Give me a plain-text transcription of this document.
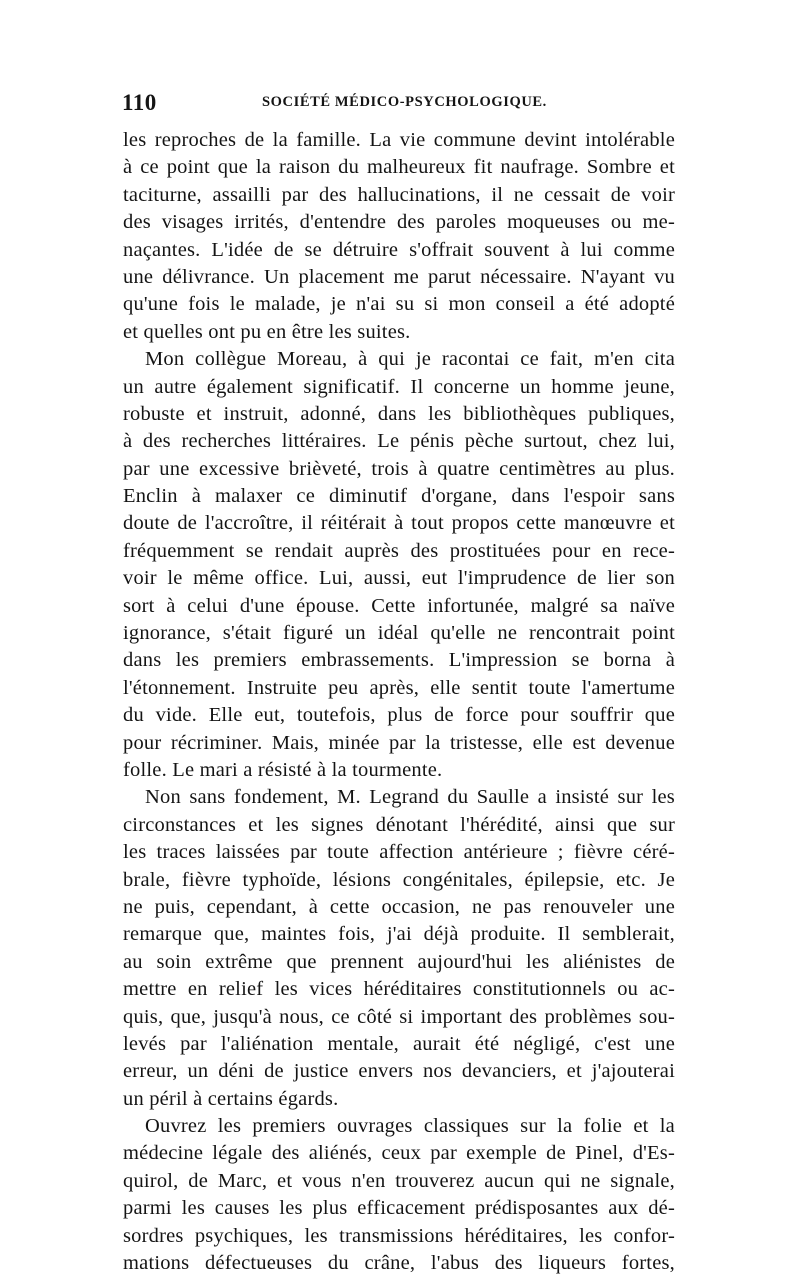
110	SOCIÉTÉ MÉDICO-PSYCHOLOGIQUE.
les reproches de la famille. La vie commune devint intolérable
à ce point que la raison du malheureux fit naufrage. Sombre et
taciturne, assailli par des hallucinations, il ne cessait de voir
des visages irrités, d'entendre des paroles moqueuses ou me-
naçantes. L'idée de se détruire s'offrait souvent à lui comme
une délivrance. Un placement me parut nécessaire. N'ayant vu
qu'une fois le malade, je n'ai su si mon conseil a été adopté
et quelles ont pu en être les suites.
Mon collègue Moreau, à qui je racontai ce fait, m'en cita
un autre également significatif. Il concerne un homme jeune,
robuste et instruit, adonné, dans les bibliothèques publiques,
à des recherches littéraires. Le pénis pèche surtout, chez lui,
par une excessive brièveté, trois à quatre centimètres au plus.
Enclin à malaxer ce diminutif d'organe, dans l'espoir sans
doute de l'accroître, il réitérait à tout propos cette manœuvre et
fréquemment se rendait auprès des prostituées pour en rece-
voir le même office. Lui, aussi, eut l'imprudence de lier son
sort à celui d'une épouse. Cette infortunée, malgré sa naïve
ignorance, s'était figuré un idéal qu'elle ne rencontrait point
dans les premiers embrassements. L'impression se borna à
l'étonnement. Instruite peu après, elle sentit toute l'amertume
du vide. Elle eut, toutefois, plus de force pour souffrir que
pour récriminer. Mais, minée par la tristesse, elle est devenue
folle. Le mari a résisté à la tourmente.
Non sans fondement, M. Legrand du Saulle a insisté sur les
circonstances et les signes dénotant l'hérédité, ainsi que sur
les traces laissées par toute affection antérieure ; fièvre céré-
brale, fièvre typhoïde, lésions congénitales, épilepsie, etc. Je
ne puis, cependant, à cette occasion, ne pas renouveler une
remarque que, maintes fois, j'ai déjà produite. Il semblerait,
au soin extrême que prennent aujourd'hui les aliénistes de
mettre en relief les vices héréditaires constitutionnels ou ac-
quis, que, jusqu'à nous, ce côté si important des problèmes sou-
levés par l'aliénation mentale, aurait été négligé, c'est une
erreur, un déni de justice envers nos devanciers, et j'ajouterai
un péril à certains égards.
Ouvrez les premiers ouvrages classiques sur la folie et la
médecine légale des aliénés, ceux par exemple de Pinel, d'Es-
quirol, de Marc, et vous n'en trouverez aucun qui ne signale,
parmi les causes les plus efficacement prédisposantes aux dé-
sordres psychiques, les transmissions héréditaires, les confor-
mations défectueuses du crâne, l'abus des liqueurs fortes,
